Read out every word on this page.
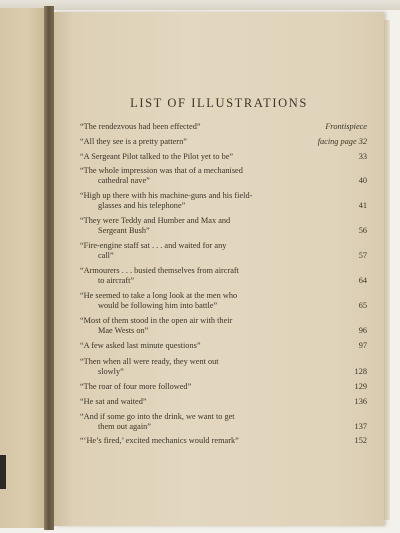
LIST OF ILLUSTRATIONS
“The rendezvous had been effected”	Frontispiece
“All they see is a pretty pattern”	facing page 32
“A Sergeant Pilot talked to the Pilot yet to be”	33
“The whole impression was that of a mechanised
cathedral nave”	40
“High up there with his machine-guns and his field-
glasses and his telephone”	41
“They were Teddy and Humber and Max and
Sergeant Bush”	56
“Fire-engine staff sat . . . and waited for any
call”	57
“Armourers . . . busied themselves from aircraft
to aircraft”	64
“He seemed to take a long look at the men who
would be following him into battle”	65
“Most of them stood in the open air with their
Mae Wests on”	96
“A few asked last minute questions”	97
“Then when all were ready, they went out
slowly”	128
“The roar of four more followed”	129
“He sat and waited”	136
“And if some go into the drink, we want to get
them out again”	137
“‘He’s fired,’ excited mechanics would remark”	152
